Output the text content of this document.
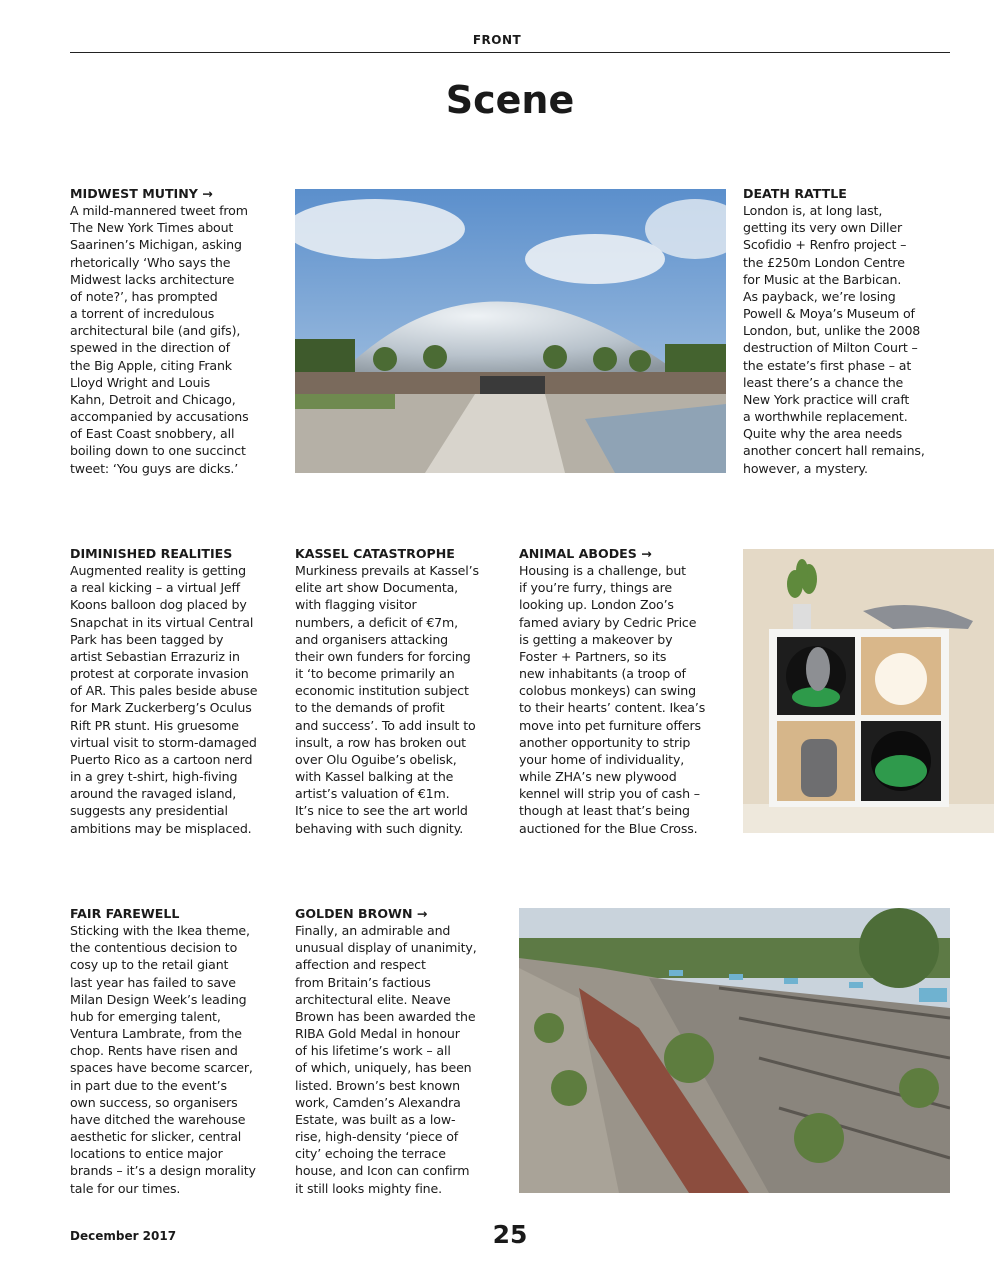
FRONT
Scene
MIDWEST MUTINY →

A mild-mannered tweet from
The New York Times about
Saarinen’s Michigan, asking
rhetorically ‘Who says the
Midwest lacks architecture
of note?’, has prompted
a torrent of incredulous
architectural bile (and gifs),
spewed in the direction of
the Big Apple, citing Frank
Lloyd Wright and Louis
Kahn, Detroit and Chicago,
accompanied by accusations
of East Coast snobbery, all
boiling down to one succinct
tweet: ‘You guys are dicks.’

DEATH RATTLE

London is, at long last,
getting its very own Diller
Scofidio + Renfro project –
the £250m London Centre
for Music at the Barbican.
As payback, we’re losing
Powell & Moya’s Museum of
London, but, unlike the 2008
destruction of Milton Court –
the estate’s first phase – at
least there’s a chance the
New York practice will craft
a worthwhile replacement.
Quite why the area needs
another concert hall remains,
however, a mystery.

DIMINISHED REALITIES

Augmented reality is getting
a real kicking – a virtual Jeff
Koons balloon dog placed by
Snapchat in its virtual Central
Park has been tagged by
artist Sebastian Errazuriz in
protest at corporate invasion
of AR. This pales beside abuse
for Mark Zuckerberg’s Oculus
Rift PR stunt. His gruesome
virtual visit to storm-damaged
Puerto Rico as a cartoon nerd
in a grey t-shirt, high-fiving
around the ravaged island,
suggests any presidential
ambitions may be misplaced.

KASSEL CATASTROPHE

Murkiness prevails at Kassel’s
elite art show Documenta,
with flagging visitor
numbers, a deficit of €7m,
and organisers attacking
their own funders for forcing
it ‘to become primarily an
economic institution subject
to the demands of profit
and success’. To add insult to
insult, a row has broken out
over Olu Oguibe’s obelisk,
with Kassel balking at the
artist’s valuation of €1m.
It’s nice to see the art world
behaving with such dignity.

ANIMAL ABODES →

Housing is a challenge, but
if you’re furry, things are
looking up. London Zoo’s
famed aviary by Cedric Price
is getting a makeover by
Foster + Partners, so its
new inhabitants (a troop of
colobus monkeys) can swing
to their hearts’ content. Ikea’s
move into pet furniture offers
another opportunity to strip
your home of individuality,
while ZHA’s new plywood
kennel will strip you of cash –
though at least that’s being
auctioned for the Blue Cross.

FAIR FAREWELL

Sticking with the Ikea theme,
the contentious decision to
cosy up to the retail giant
last year has failed to save
Milan Design Week’s leading
hub for emerging talent,
Ventura Lambrate, from the
chop. Rents have risen and
spaces have become scarcer,
in part due to the event’s
own success, so organisers
have ditched the warehouse
aesthetic for slicker, central
locations to entice major
brands – it’s a design morality
tale for our times.

GOLDEN BROWN →

Finally, an admirable and
unusual display of unanimity,
affection and respect
from Britain’s factious
architectural elite. Neave
Brown has been awarded the
RIBA Gold Medal in honour
of his lifetime’s work – all
of which, uniquely, has been
listed. Brown’s best known
work, Camden’s Alexandra
Estate, was built as a low-
rise, high-density ‘piece of
city’ echoing the terrace
house, and Icon can confirm
it still looks mighty fine.

December 2017	25
